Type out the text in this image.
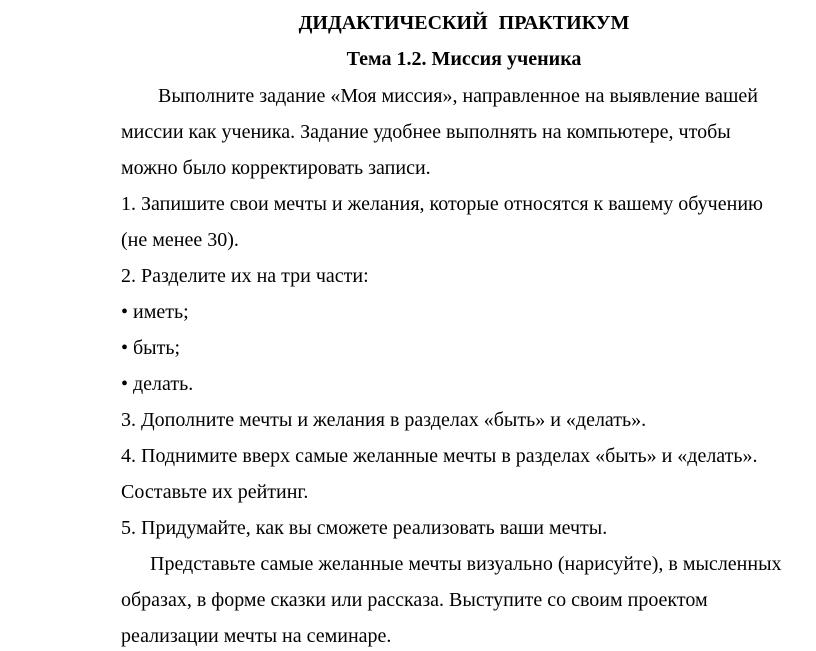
ДИДАКТИЧЕСКИЙ ПРАКТИКУМ
Тема 1.2. Миссия ученика
Выполните задание «Моя миссия», направленное на выявление вашей
миссии как ученика. Задание удобнее выполнять на компьютере, чтобы
можно было корректировать записи.
1. Запишите свои мечты и желания, которые относятся к вашему обучению
(не менее 30).
2. Разделите их на три части:
• иметь;
• быть;
• делать.
3. Дополните мечты и желания в разделах «быть» и «делать».
4. Поднимите вверх самые желанные мечты в разделах «быть» и «делать».
Составьте их рейтинг.
5. Придумайте, как вы сможете реализовать ваши мечты.
Представьте самые желанные мечты визуально (нарисуйте), в мысленных
образах, в форме сказки или рассказа. Выступите со своим проектом
реализации мечты на семинаре.
